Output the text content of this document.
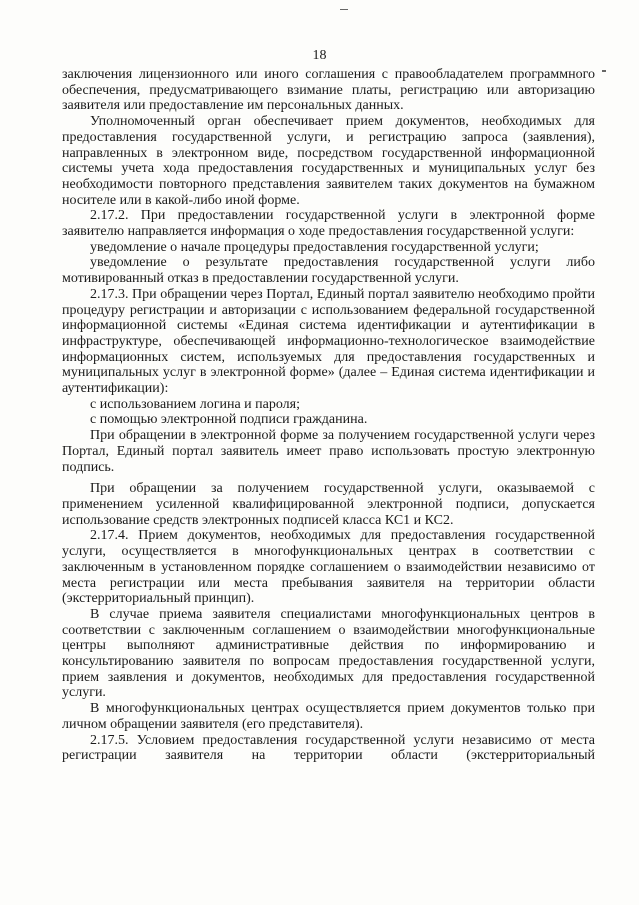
18

заключения лицензионного или иного соглашения с правообладателем программного обеспечения, предусматривающего взимание платы, регистрацию или авторизацию заявителя или предоставление им персональных данных.

Уполномоченный орган обеспечивает прием документов, необходимых для предоставления государственной услуги, и регистрацию запроса (заявления), направленных в электронном виде, посредством государственной информационной системы учета хода предоставления государственных и муниципальных услуг без необходимости повторного представления заявителем таких документов на бумажном носителе или в какой-либо иной форме.

2.17.2. При предоставлении государственной услуги в электронной форме заявителю направляется информация о ходе предоставления государственной услуги:

уведомление о начале процедуры предоставления государственной услуги;

уведомление о результате предоставления государственной услуги либо мотивированный отказ в предоставлении государственной услуги.

2.17.3. При обращении через Портал, Единый портал заявителю необходимо пройти процедуру регистрации и авторизации с использованием федеральной государственной информационной системы «Единая система идентификации и аутентификации в инфраструктуре, обеспечивающей информационно-технологическое взаимодействие информационных систем, используемых для предоставления государственных и муниципальных услуг в электронной форме» (далее – Единая система идентификации и аутентификации):

с использованием логина и пароля;

с помощью электронной подписи гражданина.

При обращении в электронной форме за получением государственной услуги через Портал, Единый портал заявитель имеет право использовать простую электронную подпись.

При обращении за получением государственной услуги, оказываемой с применением усиленной квалифицированной электронной подписи, допускается использование средств электронных подписей класса КС1 и КС2.

2.17.4. Прием документов, необходимых для предоставления государственной услуги, осуществляется в многофункциональных центрах в соответствии с заключенным в установленном порядке соглашением о взаимодействии независимо от места регистрации или места пребывания заявителя на территории области (экстерриториальный принцип).

В случае приема заявителя специалистами многофункциональных центров в соответствии с заключенным соглашением о взаимодействии многофункциональные центры выполняют административные действия по информированию и консультированию заявителя по вопросам предоставления государственной услуги, прием заявления и документов, необходимых для предоставления государственной услуги.

В многофункциональных центрах осуществляется прием документов только при личном обращении заявителя (его представителя).

2.17.5. Условием предоставления государственной услуги независимо от места регистрации заявителя на территории области (экстерриториальный
